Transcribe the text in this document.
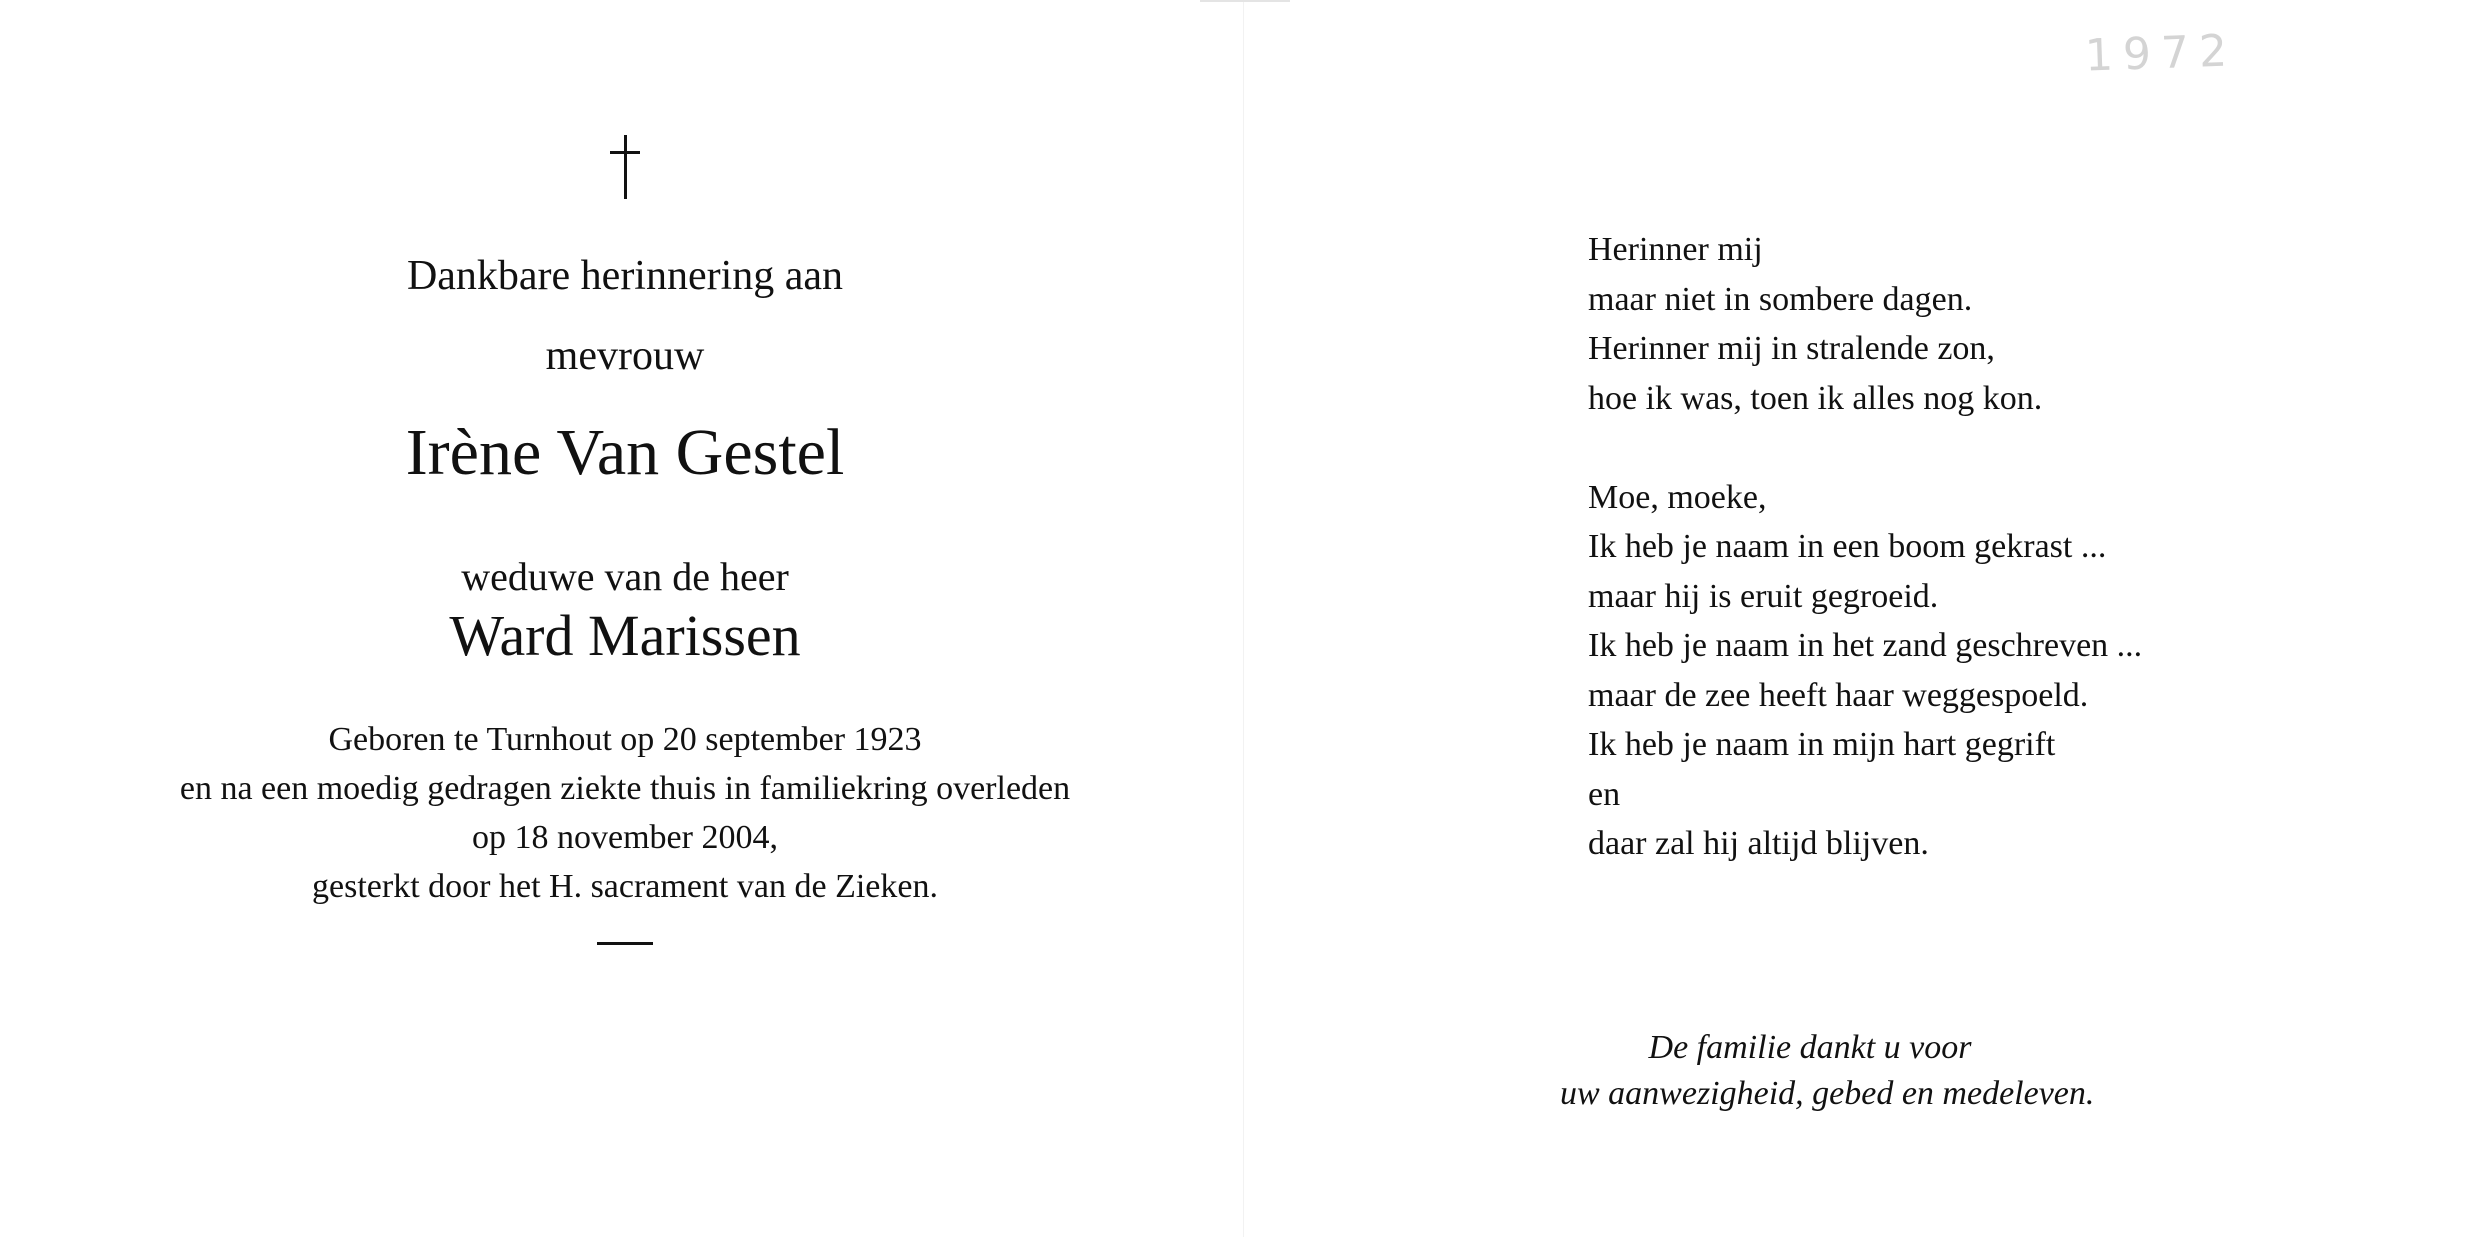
1972
Dankbare herinnering aan
mevrouw
Irène Van Gestel
weduwe van de heer
Ward Marissen
Geboren te Turnhout op 20 september 1923
en na een moedig gedragen ziekte thuis in familiekring overleden
op 18 november 2004,
gesterkt door het H. sacrament van de Zieken.
Herinner mij
maar niet in sombere dagen.
Herinner mij in stralende zon,
hoe ik was, toen ik alles nog kon.
Moe, moeke,
Ik heb je naam in een boom gekrast ...
maar hij is eruit gegroeid.
Ik heb je naam in het zand geschreven ...
maar de zee heeft haar weggespoeld.
Ik heb je naam in mijn hart gegrift
en
daar zal hij altijd blijven.
De familie dankt u voor
uw aanwezigheid, gebed en medeleven.
